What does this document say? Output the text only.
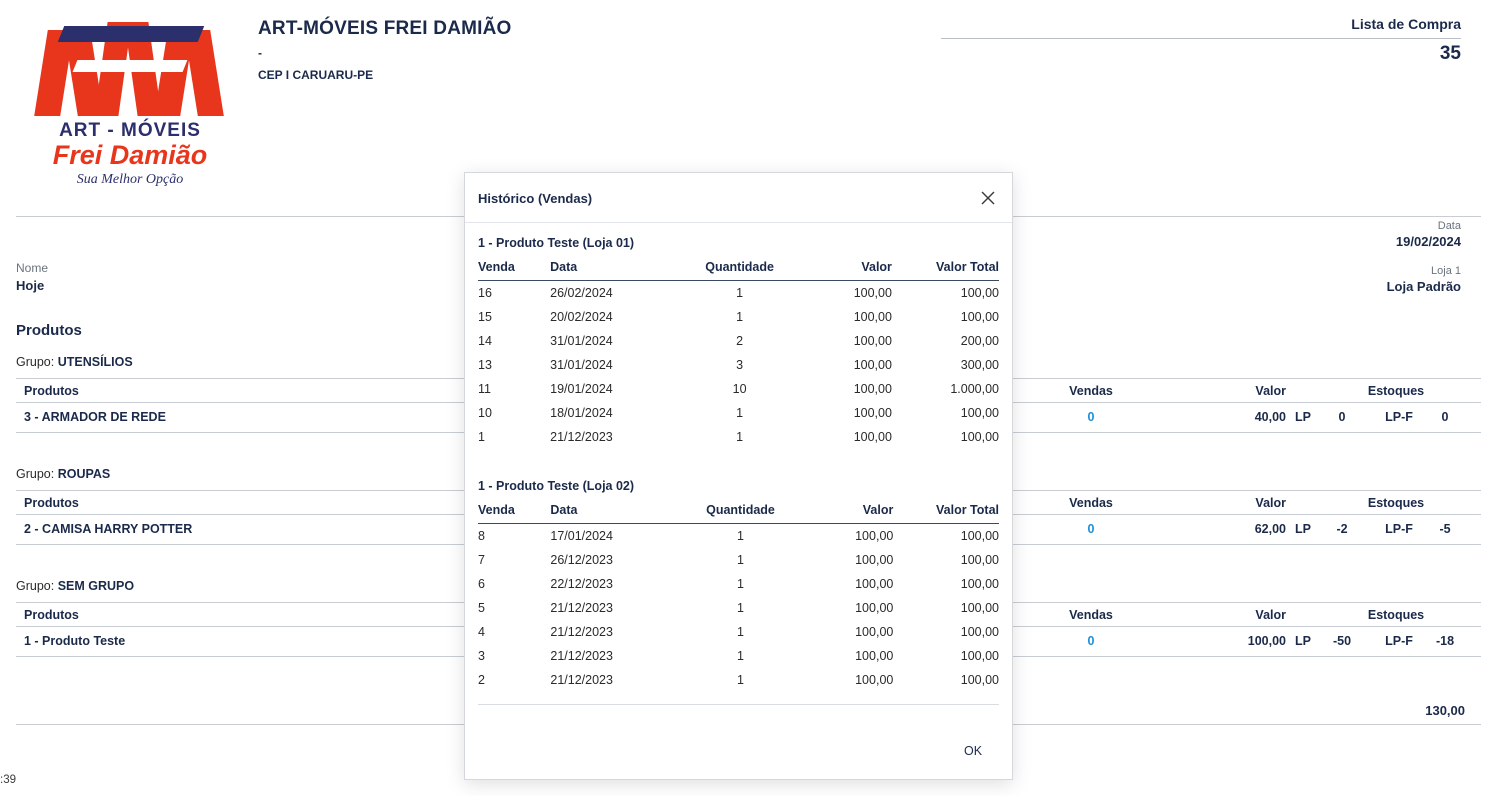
ART - MÓVEIS
Frei Damião
Sua Melhor Opção
ART-MÓVEIS FREI DAMIÃO
-
CEP I CARUARU-PE
Lista de Compra
35
Nome
Hoje
Data
19/02/2024
Loja 1
Loja Padrão
Produtos
Grupo: UTENSÍLIOS
Produtos	Vendas	Valor	Estoques
3 - ARMADOR DE REDE	0	40,00 LP	0	LP-F	0
Grupo: ROUPAS
Produtos	Vendas	Valor	Estoques
2 - CAMISA HARRY POTTER	0	62,00 LP	-2	LP-F	-5
Grupo: SEM GRUPO
Produtos	Vendas	Valor	Estoques
1 - Produto Teste	0	100,00 LP	-50	LP-F	-18
130,00
:39
Histórico (Vendas)
1 - Produto Teste (Loja 01)
Venda	Data	Quantidade	Valor	Valor Total
16	26/02/2024	1	100,00	100,00
15	20/02/2024	1	100,00	100,00
14	31/01/2024	2	100,00	200,00
13	31/01/2024	3	100,00	300,00
11	19/01/2024	10	100,00	1.000,00
10	18/01/2024	1	100,00	100,00
1	21/12/2023	1	100,00	100,00
1 - Produto Teste (Loja 02)
Venda	Data	Quantidade	Valor	Valor Total
8	17/01/2024	1	100,00	100,00
7	26/12/2023	1	100,00	100,00
6	22/12/2023	1	100,00	100,00
5	21/12/2023	1	100,00	100,00
4	21/12/2023	1	100,00	100,00
3	21/12/2023	1	100,00	100,00
2	21/12/2023	1	100,00	100,00
OK
